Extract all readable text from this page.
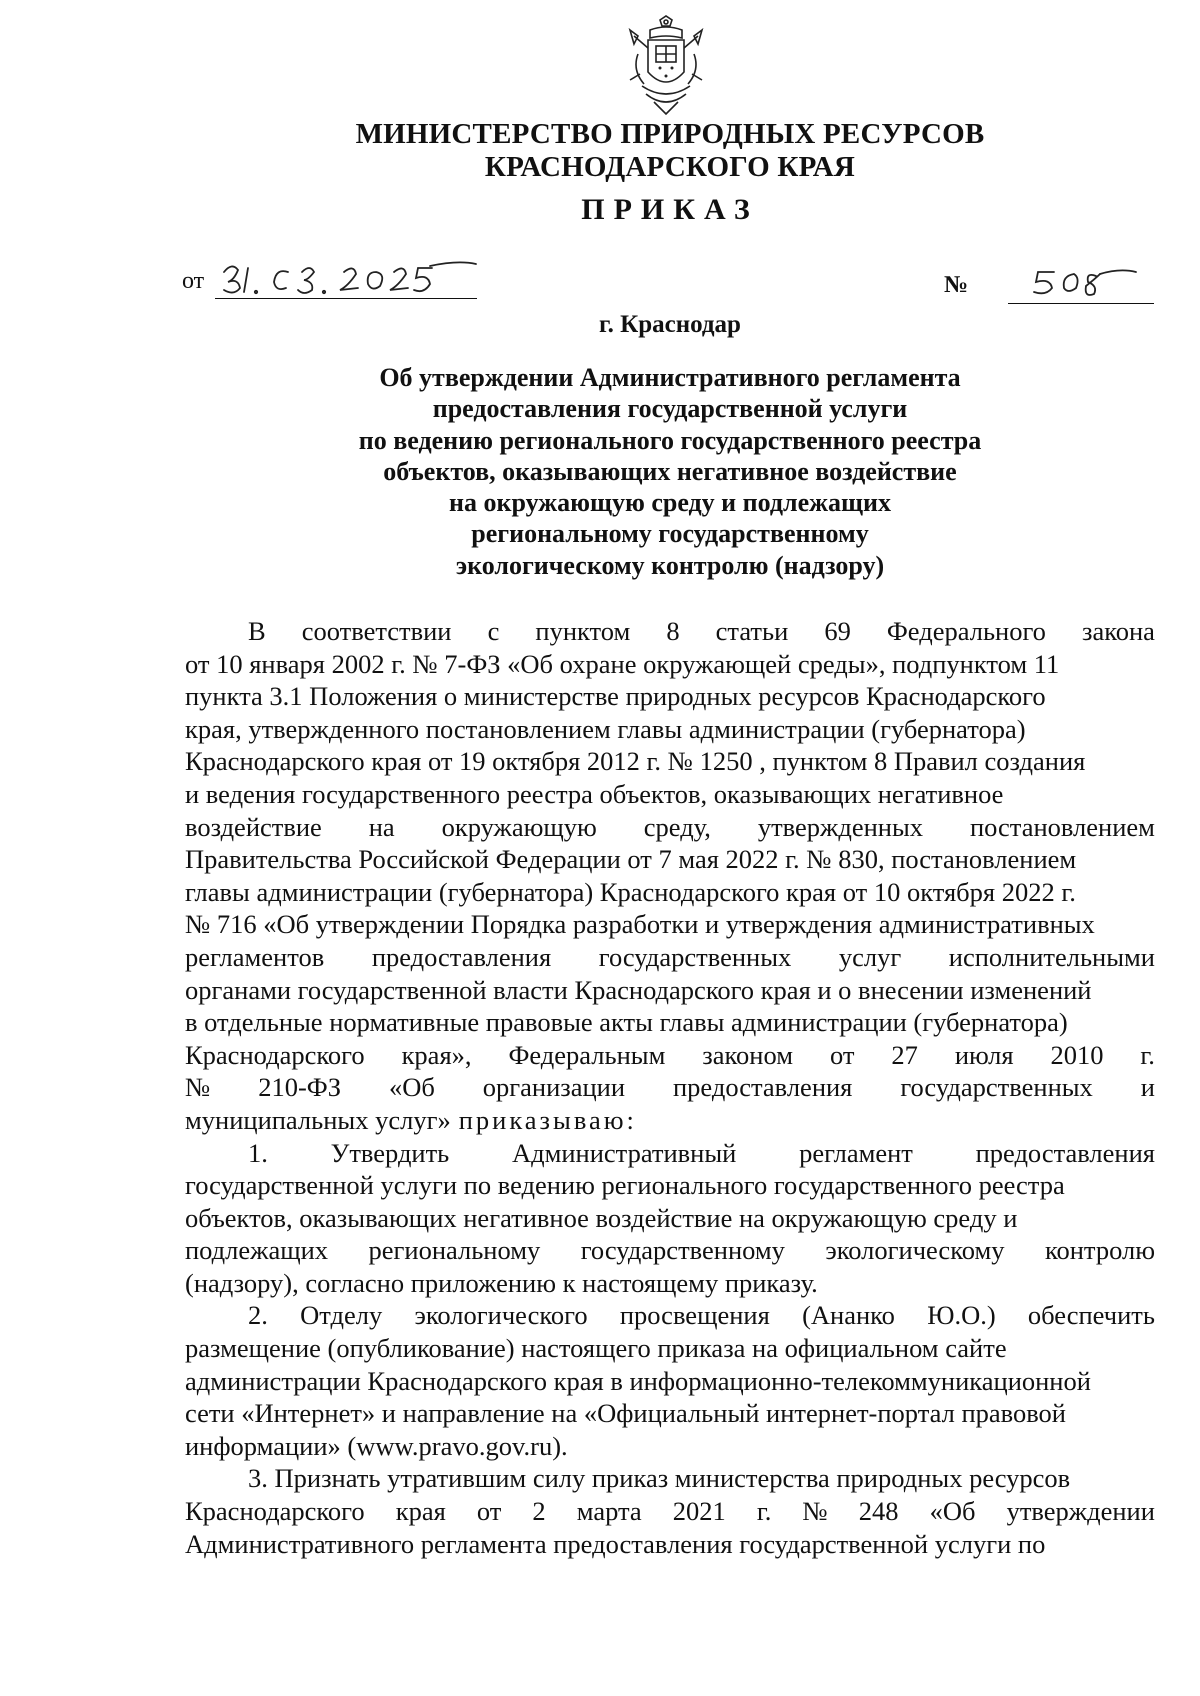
МИНИСТЕРСТВО ПРИРОДНЫХ РЕСУРСОВ
КРАСНОДАРСКОГО КРАЯ
ПРИКАЗ
от	№
г. Краснодар
Об утверждении Административного регламента
предоставления государственной услуги
по ведению регионального государственного реестра
объектов, оказывающих негативное воздействие
на окружающую среду и подлежащих
региональному государственному
экологическому контролю (надзору)
В соответствии с пунктом 8 статьи 69 Федерального закона
от 10 января 2002 г. № 7-ФЗ «Об охране окружающей среды», подпунктом 11
пункта 3.1 Положения о министерстве природных ресурсов Краснодарского
края, утвержденного постановлением главы администрации (губернатора)
Краснодарского края от 19 октября 2012 г. № 1250 , пунктом 8 Правил создания
и ведения государственного реестра объектов, оказывающих негативное
воздействие на окружающую среду, утвержденных постановлением
Правительства Российской Федерации от 7 мая 2022 г. № 830, постановлением
главы администрации (губернатора) Краснодарского края от 10 октября 2022 г.
№ 716 «Об утверждении Порядка разработки и утверждения административных
регламентов предоставления государственных услуг исполнительными
органами государственной власти Краснодарского края и о внесении изменений
в отдельные нормативные правовые акты главы администрации (губернатора)
Краснодарского края», Федеральным законом от 27 июля 2010 г.
№ 210-ФЗ «Об организации предоставления государственных и
муниципальных услуг» приказываю:
1. Утвердить Административный регламент предоставления
государственной услуги по ведению регионального государственного реестра
объектов, оказывающих негативное воздействие на окружающую среду и
подлежащих региональному государственному экологическому контролю
(надзору), согласно приложению к настоящему приказу.
2. Отделу экологического просвещения (Ананко Ю.О.) обеспечить
размещение (опубликование) настоящего приказа на официальном сайте
администрации Краснодарского края в информационно-телекоммуникационной
сети «Интернет» и направление на «Официальный интернет-портал правовой
информации» (www.pravo.gov.ru).
3. Признать утратившим силу приказ министерства природных ресурсов
Краснодарского края от 2 марта 2021 г. № 248 «Об утверждении
Административного регламента предоставления государственной услуги по
